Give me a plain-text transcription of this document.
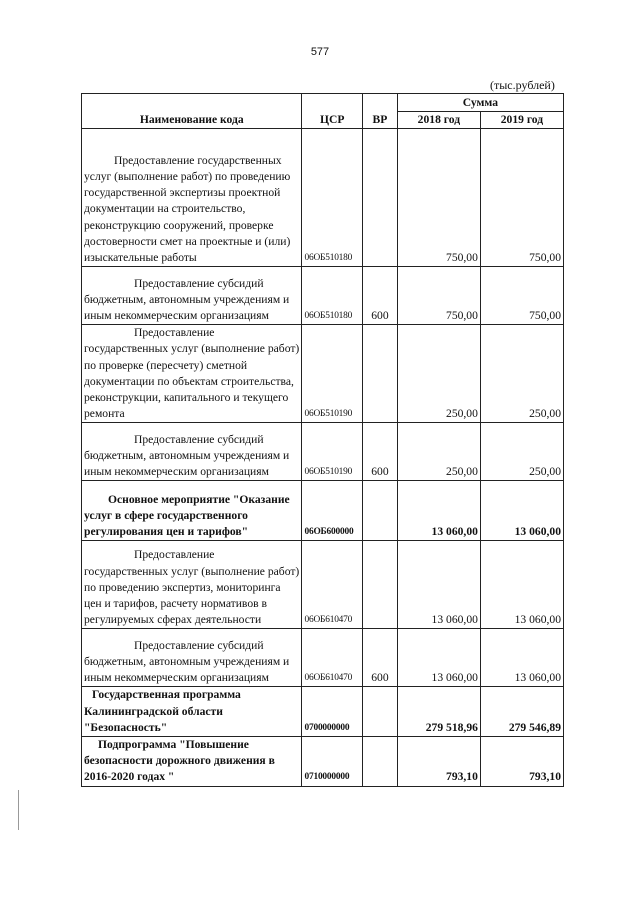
577
(тыс.рублей)
Наименование кода	ЦСР	ВР	Сумма	
			2018 год	2019 год
Предоставление государственных услуг (выполнение работ) по проведению государственной экспертизы проектной документации на строительство, реконструкцию сооружений, проверке достоверности смет на проектные и (или) изыскательные работы	06ОБ510180		750,00	750,00
Предоставление субсидий бюджетным, автономным учреждениям и иным некоммерческим организациям	06ОБ510180	600	750,00	750,00
Предоставление государственных услуг (выполнение работ) по проверке (пересчету) сметной документации по объектам строительства, реконструкции, капитального и текущего ремонта	06ОБ510190		250,00	250,00
Предоставление субсидий бюджетным, автономным учреждениям и иным некоммерческим организациям	06ОБ510190	600	250,00	250,00
Основное мероприятие "Оказание услуг в сфере государственного регулирования цен и тарифов"	06ОБ600000		13 060,00	13 060,00
Предоставление государственных услуг (выполнение работ) по проведению экспертиз, мониторинга цен и тарифов, расчету нормативов в регулируемых сферах деятельности	06ОБ610470		13 060,00	13 060,00
Предоставление субсидий бюджетным, автономным учреждениям и иным некоммерческим организациям	06ОБ610470	600	13 060,00	13 060,00
Государственная программа Калининградской области "Безопасность"	0700000000		279 518,96	279 546,89
Подпрограмма "Повышение безопасности дорожного движения в 2016-2020 годах "	0710000000		793,10	793,10
